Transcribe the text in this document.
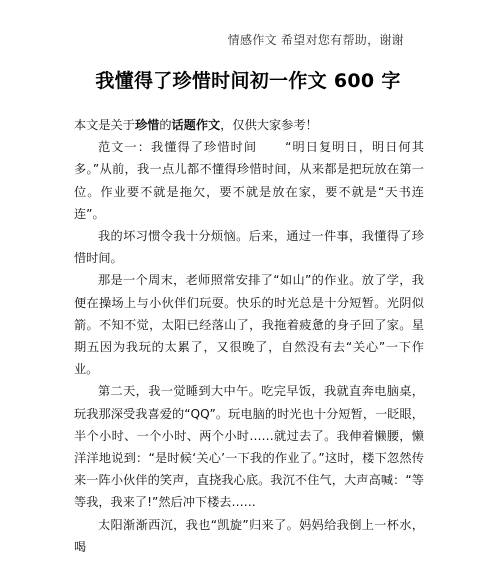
情感作文 希望对您有帮助，谢谢
我懂得了珍惜时间初一作文 600 字

本文是关于珍惜的话题作文，仅供大家参考！

范文一：我懂得了珍惜时间 “明日复明日，明日何其多。”从前，我一点儿都不懂得珍惜时间，从来都是把玩放在第一位。作业要不就是拖欠，要不就是放在家，要不就是“天书连连”。

我的坏习惯令我十分烦恼。后来，通过一件事，我懂得了珍惜时间。

那是一个周末，老师照常安排了“如山”的作业。放了学，我便在操场上与小伙伴们玩耍。快乐的时光总是十分短暂。光阴似箭。不知不觉，太阳已经落山了，我拖着疲惫的身子回了家。星期五因为我玩的太累了，又很晚了，自然没有去“关心”一下作业。

第二天，我一觉睡到大中午。吃完早饭，我就直奔电脑桌，玩我那深受我喜爱的“QQ”。玩电脑的时光也十分短暂，一眨眼，半个小时、一个小时、两个小时……就过去了。我伸着懒腰，懒洋洋地说到：“是时候‘关心’一下我的作业了。”这时，楼下忽然传来一阵小伙伴的笑声，直挠我心底。我沉不住气，大声高喊：“等等我，我来了!”然后冲下楼去……

太阳渐渐西沉，我也“凯旋”归来了。妈妈给我倒上一杯水，喝
